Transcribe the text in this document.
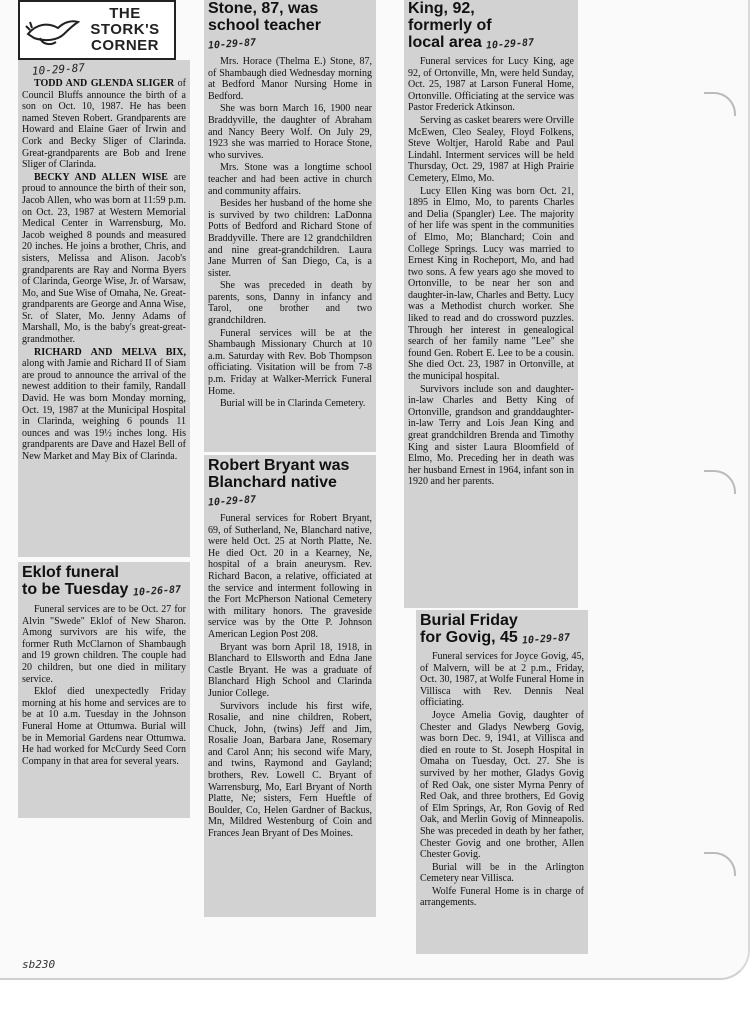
THE
STORK'S
CORNER
10-29-87

TODD AND GLENDA SLIGER of Council Bluffs announce the birth of a son on Oct. 10, 1987. He has been named Steven Robert. Grandparents are Howard and Elaine Gaer of Irwin and Cork and Becky Sliger of Clarinda. Great-grandparents are Bob and Irene Sliger of Clarinda.

BECKY AND ALLEN WISE are proud to announce the birth of their son, Jacob Allen, who was born at 11:59 p.m. on Oct. 23, 1987 at Western Memorial Medical Center in Warrensburg, Mo. Jacob weighed 8 pounds and measured 20 inches. He joins a brother, Chris, and sisters, Melissa and Alison. Jacob's grandparents are Ray and Norma Byers of Clarinda, George Wise, Jr. of Warsaw, Mo, and Sue Wise of Omaha, Ne. Great-grandparents are George and Anna Wise, Sr. of Slater, Mo. Jenny Adams of Marshall, Mo, is the baby's great-great-grandmother.

RICHARD AND MELVA BIX, along with Jamie and Richard II of Siam are proud to announce the arrival of the newest addition to their family, Randall David. He was born Monday morning, Oct. 19, 1987 at the Municipal Hospital in Clarinda, weighing 6 pounds 11 ounces and was 19½ inches long. His grandparents are Dave and Hazel Bell of New Market and May Bix of Clarinda.

Eklof funeral
to be Tuesday 10-26-87

Funeral services are to be Oct. 27 for Alvin "Swede" Eklof of New Sharon. Among survivors are his wife, the former Ruth McClarnon of Shambaugh and 19 grown children. The couple had 20 children, but one died in military service.

Eklof died unexpectedly Friday morning at his home and services are to be at 10 a.m. Tuesday in the Johnson Funeral Home at Ottumwa. Burial will be in Memorial Gardens near Ottumwa. He had worked for McCurdy Seed Corn Company in that area for several years.

Stone, 87, was
school teacher 10-29-87

Mrs. Horace (Thelma E.) Stone, 87, of Shambaugh died Wednesday morning at Bedford Manor Nursing Home in Bedford.

She was born March 16, 1900 near Braddyville, the daughter of Abraham and Nancy Beery Wolf. On July 29, 1923 she was married to Horace Stone, who survives.

Mrs. Stone was a longtime school teacher and had been active in church and community affairs.

Besides her husband of the home she is survived by two children: LaDonna Potts of Bedford and Richard Stone of Braddyville. There are 12 grandchildren and nine great-grandchildren. Laura Jane Murren of San Diego, Ca, is a sister.

She was preceded in death by parents, sons, Danny in infancy and Tarol, one brother and two grandchildren.

Funeral services will be at the Shambaugh Missionary Church at 10 a.m. Saturday with Rev. Bob Thompson officiating. Visitation will be from 7-8 p.m. Friday at Walker-Merrick Funeral Home.

Burial will be in Clarinda Cemetery.

Robert Bryant was
Blanchard native 10-29-87

Funeral services for Robert Bryant, 69, of Sutherland, Ne, Blanchard native, were held Oct. 25 at North Platte, Ne. He died Oct. 20 in a Kearney, Ne, hospital of a brain aneurysm. Rev. Richard Bacon, a relative, officiated at the service and interment following in the Fort McPherson National Cemetery with military honors. The graveside service was by the Otte P. Johnson American Legion Post 208.

Bryant was born April 18, 1918, in Blanchard to Ellsworth and Edna Jane Castle Bryant. He was a graduate of Blanchard High School and Clarinda Junior College.

Survivors include his first wife, Rosalie, and nine children, Robert, Chuck, John, (twins) Jeff and Jim, Rosalie Joan, Barbara Jane, Rosemary and Carol Ann; his second wife Mary, and twins, Raymond and Gayland; brothers, Rev. Lowell C. Bryant of Warrensburg, Mo, Earl Bryant of North Platte, Ne; sisters, Fern Hueftle of Boulder, Co, Helen Gardner of Backus, Mn, Mildred Westenburg of Coin and Frances Jean Bryant of Des Moines.

King, 92,
formerly of
local area 10-29-87

Funeral services for Lucy King, age 92, of Ortonville, Mn, were held Sunday, Oct. 25, 1987 at Larson Funeral Home, Ortonville. Officiating at the service was Pastor Frederick Atkinson.

Serving as casket bearers were Orville McEwen, Cleo Sealey, Floyd Folkens, Steve Woltjer, Harold Rabe and Paul Lindahl. Interment services will be held Thursday, Oct. 29, 1987 at High Prairie Cemetery, Elmo, Mo.

Lucy Ellen King was born Oct. 21, 1895 in Elmo, Mo, to parents Charles and Delia (Spangler) Lee. The majority of her life was spent in the communities of Elmo, Mo; Blanchard; Coin and College Springs. Lucy was married to Ernest King in Rocheport, Mo, and had two sons. A few years ago she moved to Ortonville, to be near her son and daughter-in-law, Charles and Betty. Lucy was a Methodist church worker. She liked to read and do crossword puzzles. Through her interest in genealogical search of her family name "Lee" she found Gen. Robert E. Lee to be a cousin. She died Oct. 23, 1987 in Ortonville, at the municipal hospital.

Survivors include son and daughter-in-law Charles and Betty King of Ortonville, grandson and granddaughter-in-law Terry and Lois Jean King and great grandchildren Brenda and Timothy King and sister Laura Bloomfield of Elmo, Mo. Preceding her in death was her husband Ernest in 1964, infant son in 1920 and her parents.

Burial Friday
for Govig, 45 10-29-87

Funeral services for Joyce Govig, 45, of Malvern, will be at 2 p.m., Friday, Oct. 30, 1987, at Wolfe Funeral Home in Villisca with Rev. Dennis Neal officiating.

Joyce Amelia Govig, daughter of Chester and Gladys Newberg Govig, was born Dec. 9, 1941, at Villisca and died en route to St. Joseph Hospital in Omaha on Tuesday, Oct. 27. She is survived by her mother, Gladys Govig of Red Oak, one sister Myrna Penry of Red Oak, and three brothers, Ed Govig of Elm Springs, Ar, Ron Govig of Red Oak, and Merlin Govig of Minneapolis. She was preceded in death by her father, Chester Govig and one brother, Allen Chester Govig.

Burial will be in the Arlington Cemetery near Villisca.

Wolfe Funeral Home is in charge of arrangements.

sb230
